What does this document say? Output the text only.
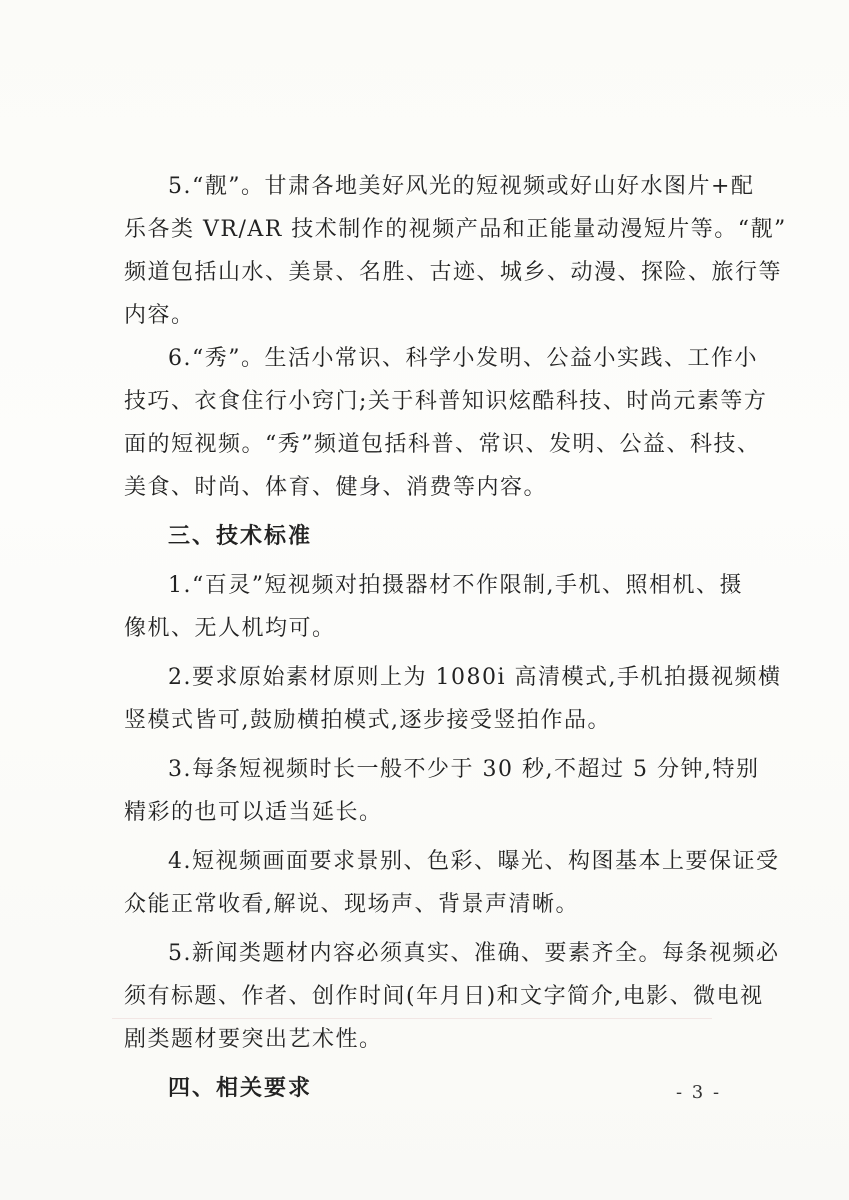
5.“靓”。甘肃各地美好风光的短视频或好山好水图片+配
乐各类 VR/AR 技术制作的视频产品和正能量动漫短片等。“靓”
频道包括山水、美景、名胜、古迹、城乡、动漫、探险、旅行等
内容。
6.“秀”。生活小常识、科学小发明、公益小实践、工作小
技巧、衣食住行小窍门;关于科普知识炫酷科技、时尚元素等方
面的短视频。“秀”频道包括科普、常识、发明、公益、科技、
美食、时尚、体育、健身、消费等内容。
三、技术标准
1.“百灵”短视频对拍摄器材不作限制,手机、照相机、摄
像机、无人机均可。
2.要求原始素材原则上为 1080i 高清模式,手机拍摄视频横
竖模式皆可,鼓励横拍模式,逐步接受竖拍作品。
3.每条短视频时长一般不少于 30 秒,不超过 5 分钟,特别
精彩的也可以适当延长。
4.短视频画面要求景别、色彩、曝光、构图基本上要保证受
众能正常收看,解说、现场声、背景声清晰。
5.新闻类题材内容必须真实、准确、要素齐全。每条视频必
须有标题、作者、创作时间(年月日)和文字简介,电影、微电视
剧类题材要突出艺术性。
四、相关要求	- 3 -
